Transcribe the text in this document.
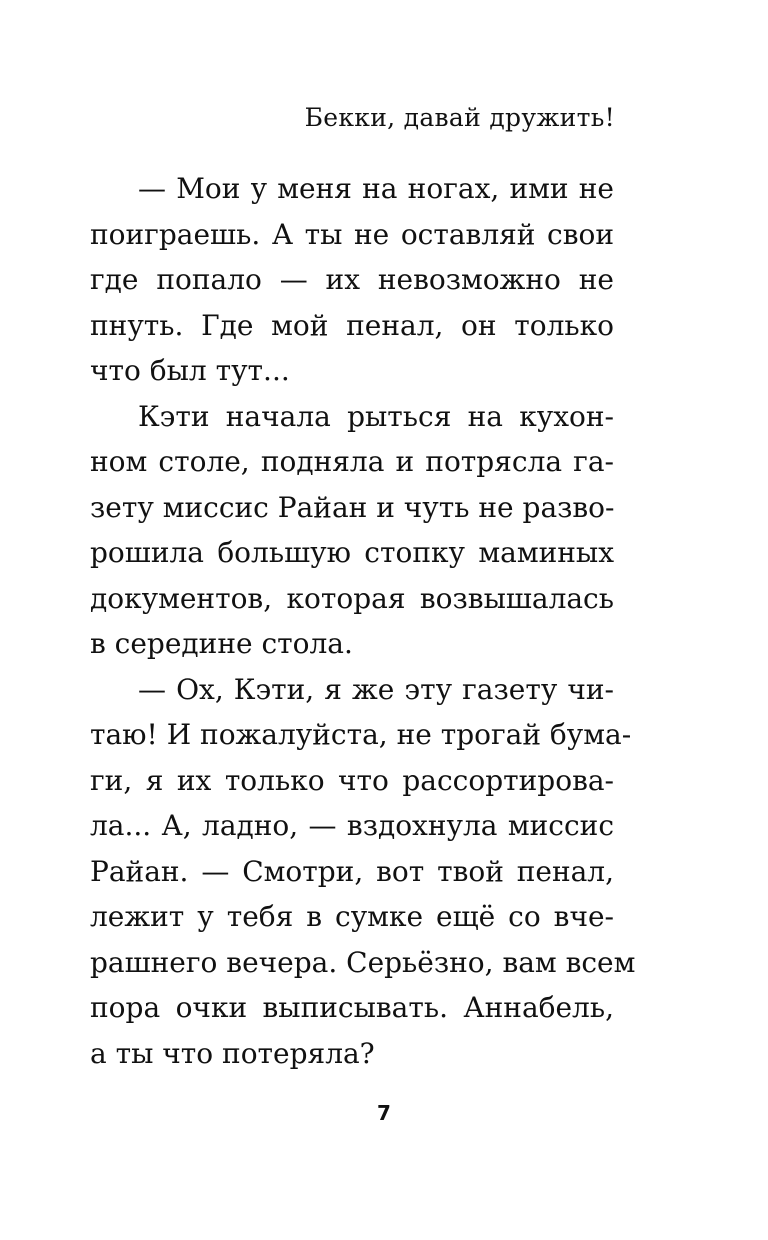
Бекки, давай дружить!
— Мои у меня на ногах, ими не
поиграешь. А ты не оставляй свои
где попало — их невозможно не
пнуть. Где мой пенал, он только
что был тут...
Кэти начала рыться на кухон-
ном столе, подняла и потрясла га-
зету миссис Райан и чуть не разво-
рошила большую стопку маминых
документов, которая возвышалась
в середине стола.
— Ох, Кэти, я же эту газету чи-
таю! И пожалуйста, не трогай бума-
ги, я их только что рассортирова-
ла... А, ладно, — вздохнула миссис
Райан. — Смотри, вот твой пенал,
лежит у тебя в сумке ещё со вче-
рашнего вечера. Серьёзно, вам всем
пора очки выписывать. Аннабель,
а ты что потеряла?
7
